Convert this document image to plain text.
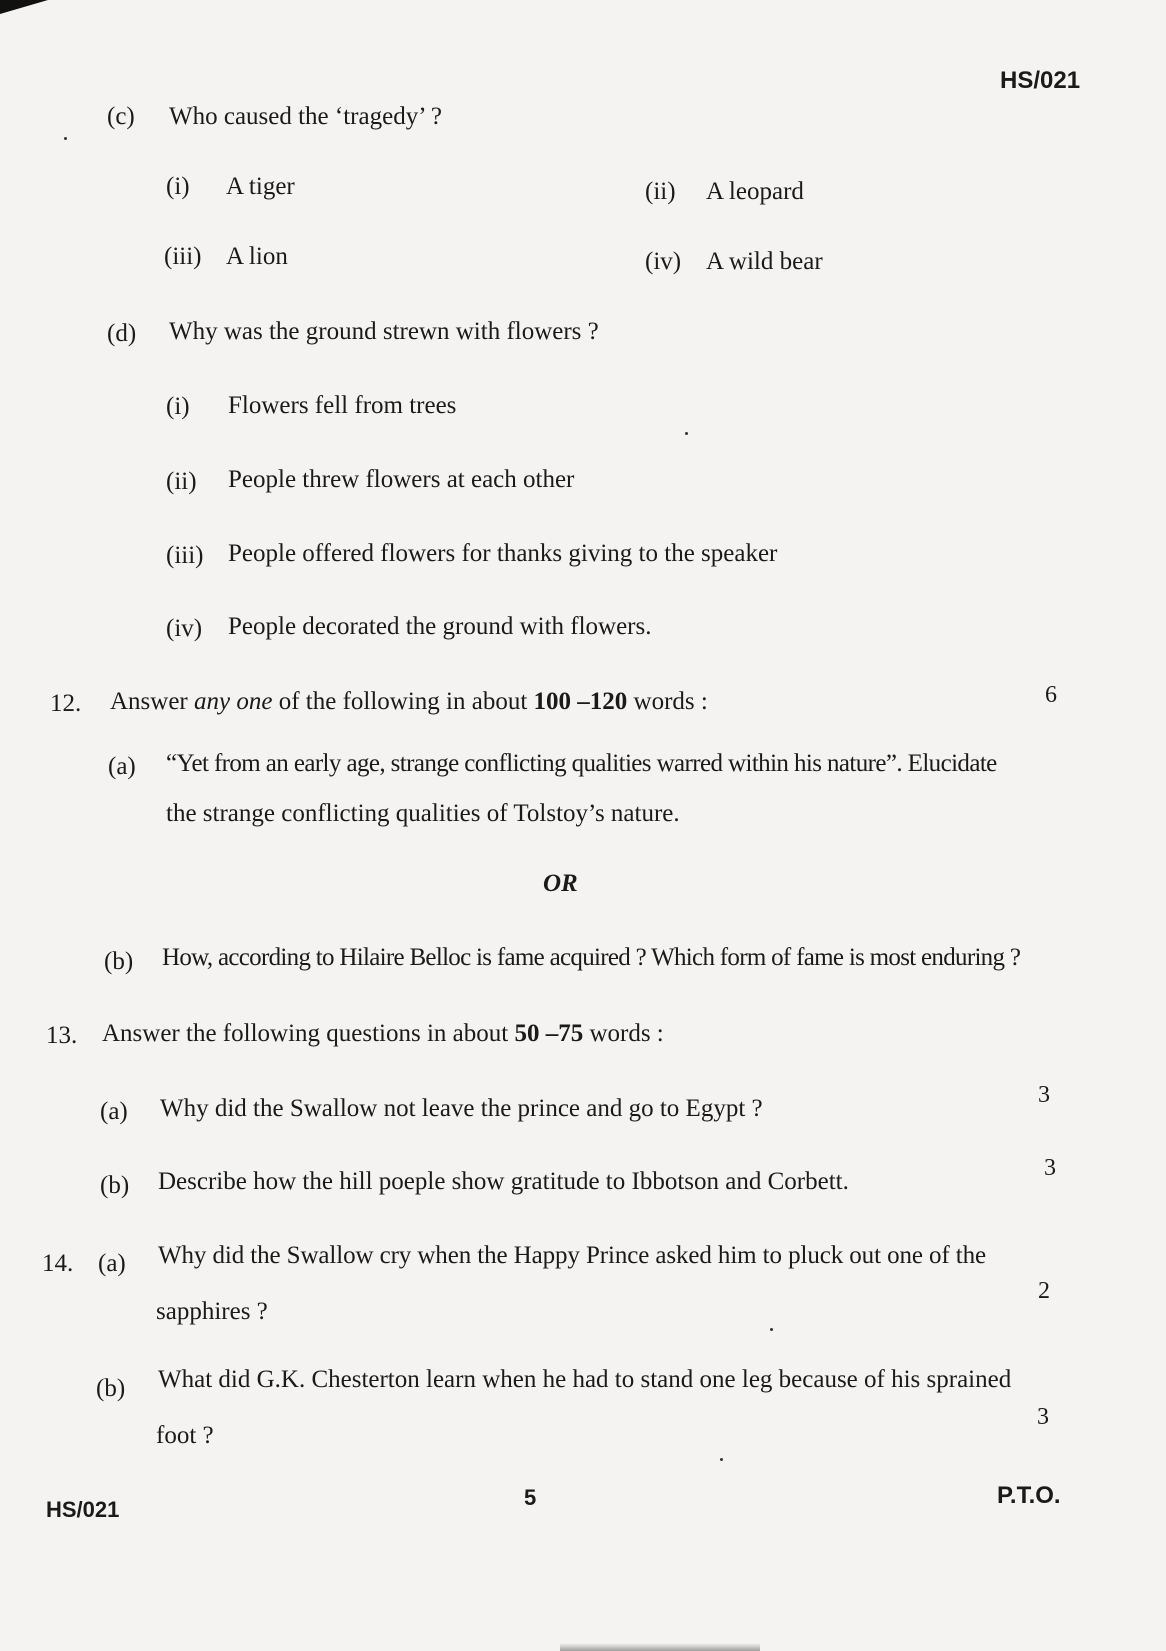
HS/021
(c) Who caused the ‘tragedy’ ?
(i) A tiger	(ii) A leopard
(iii) A lion	(iv) A wild bear
(d) Why was the ground strewn with flowers ?
(i) Flowers fell from trees
(ii) People threw flowers at each other
(iii) People offered flowers for thanks giving to the speaker
(iv) People decorated the ground with flowers.
12. Answer any one of the following in about 100 –120 words :	6
(a) “Yet from an early age, strange conflicting qualities warred within his nature”. Elucidate
the strange conflicting qualities of Tolstoy’s nature.
OR
(b) How, according to Hilaire Belloc is fame acquired ? Which form of fame is most enduring ?
13. Answer the following questions in about 50 –75 words :
(a) Why did the Swallow not leave the prince and go to Egypt ?	3
(b) Describe how the hill poeple show gratitude to Ibbotson and Corbett.	3
14. (a) Why did the Swallow cry when the Happy Prince asked him to pluck out one of the
sapphires ?
2
(b) What did G.K. Chesterton learn when he had to stand one leg because of his sprained
foot ?
3
HS/021	5	P.T.O.
